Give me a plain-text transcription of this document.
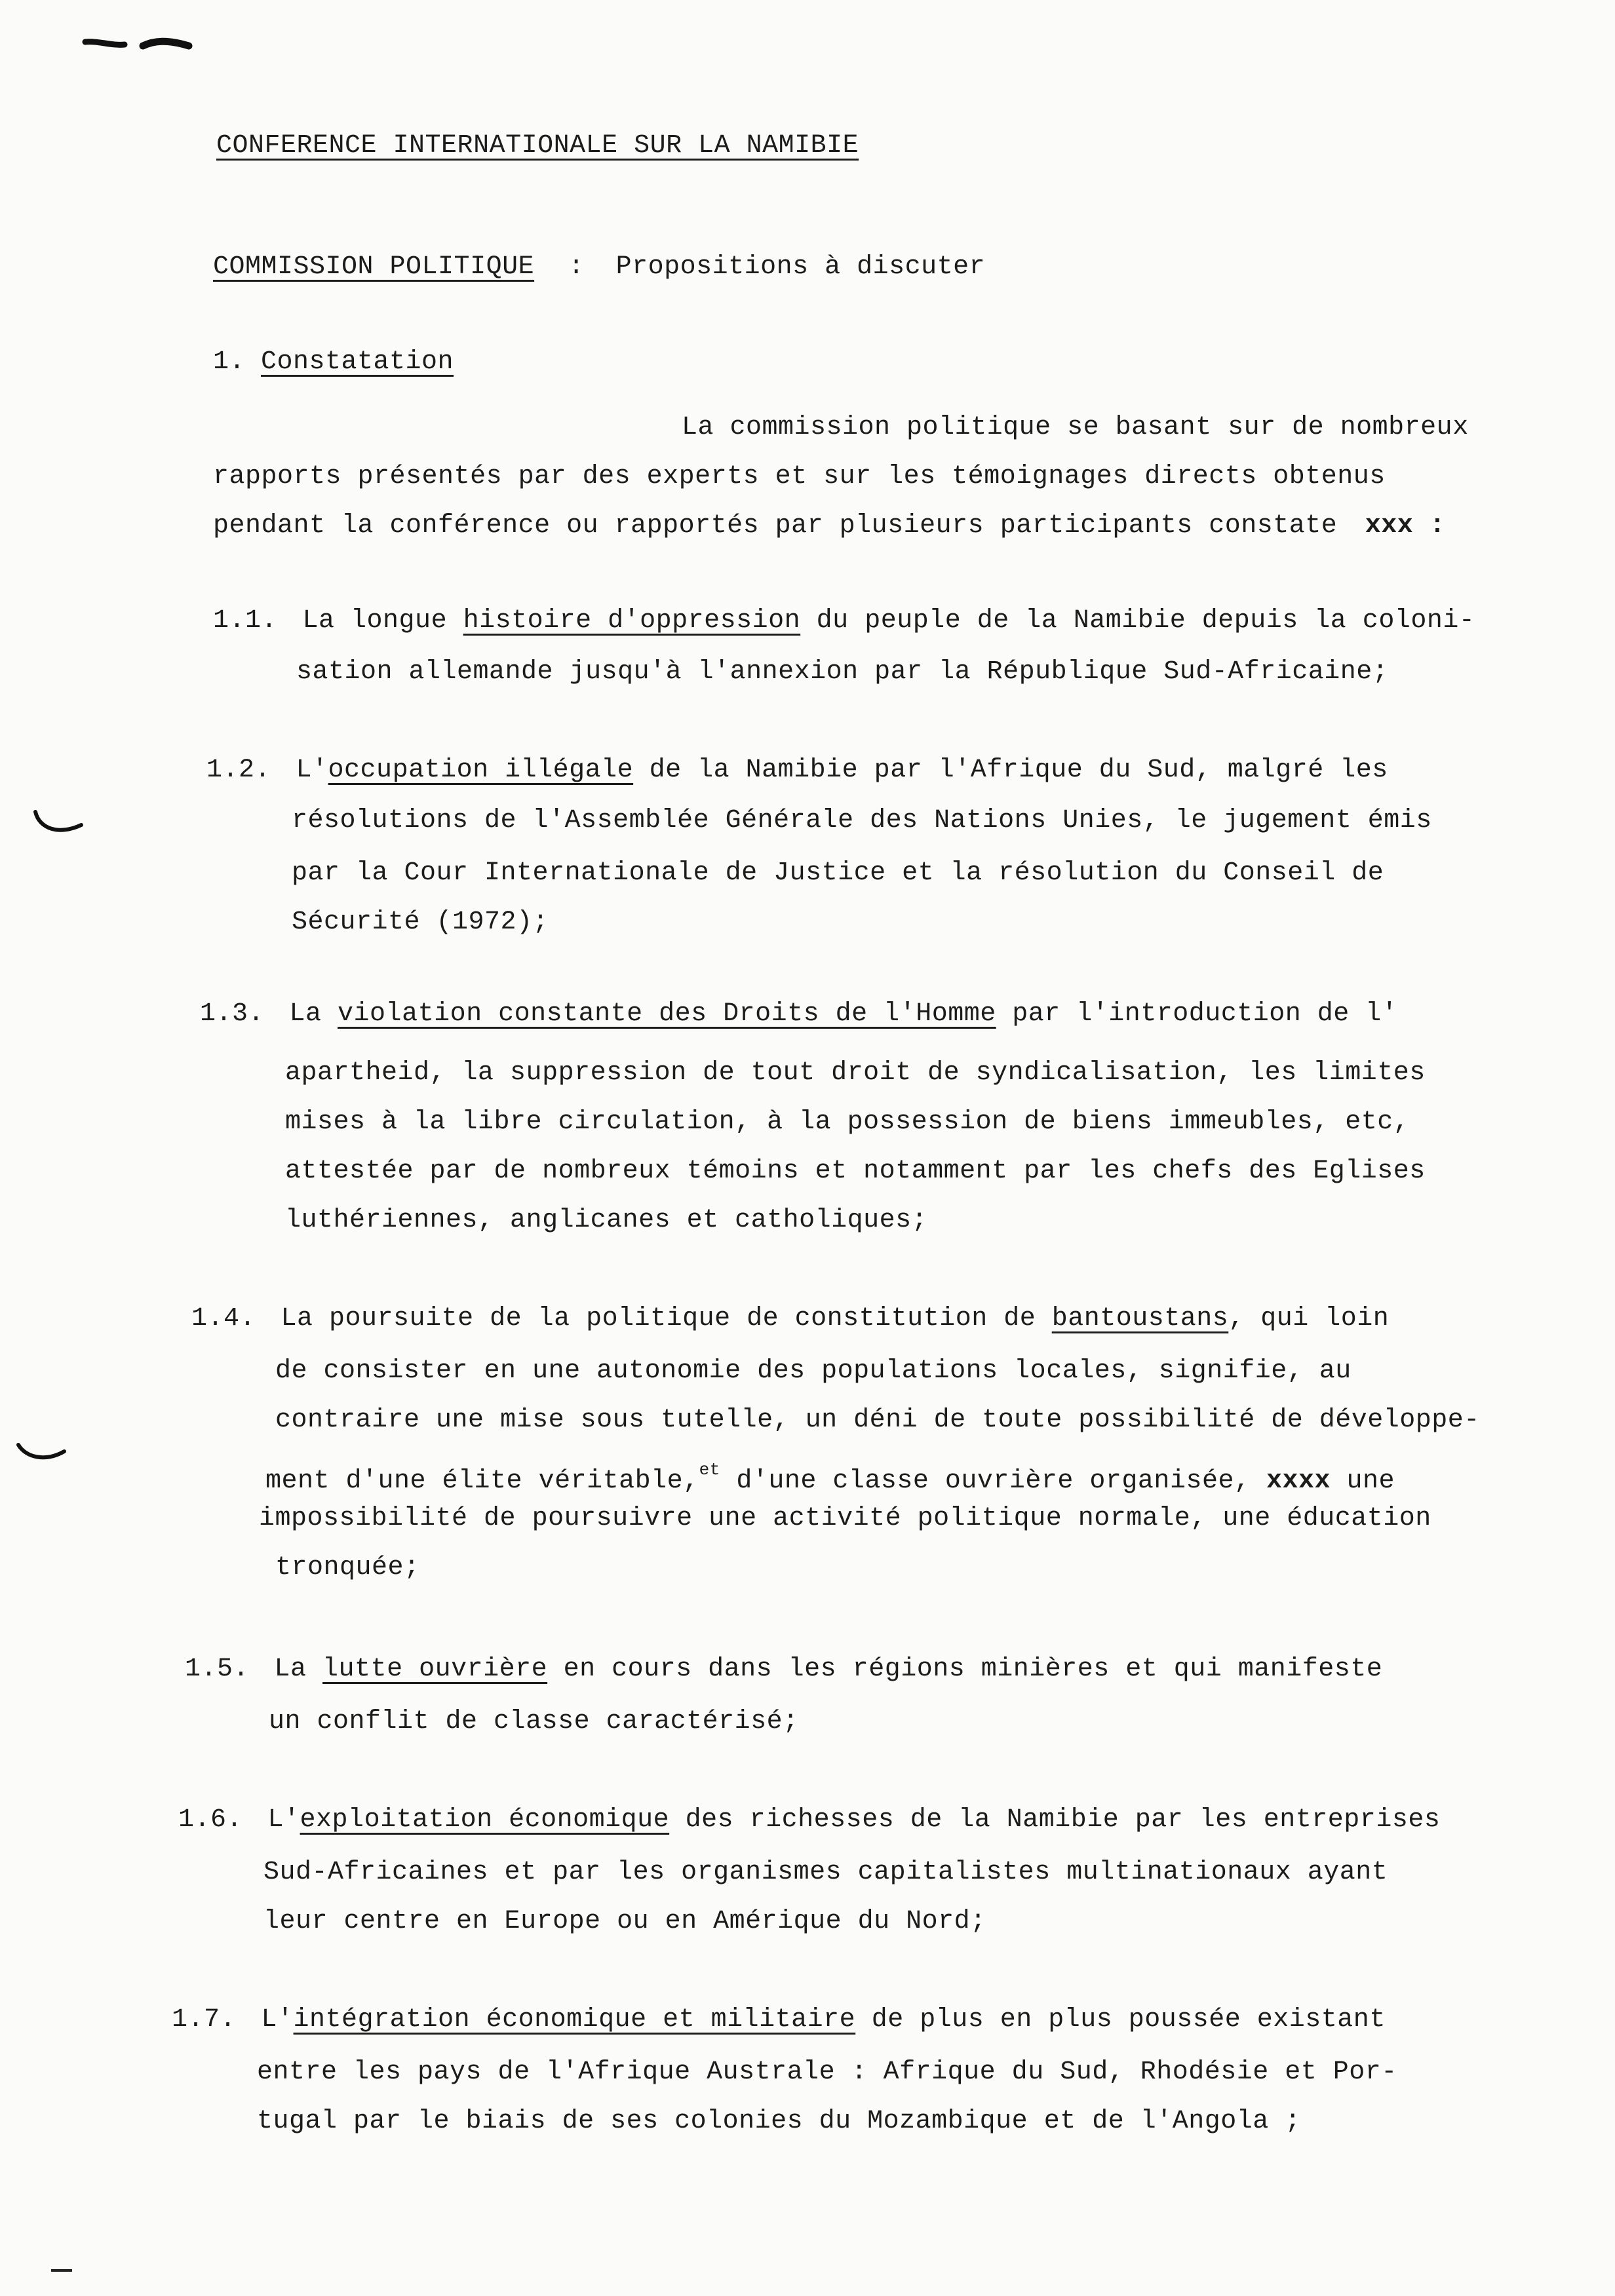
CONFERENCE INTERNATIONALE SUR LA NAMIBIE
COMMISSION POLITIQUE : Propositions à discuter
1. Constatation
La commission politique se basant sur de nombreux
rapports présentés par des experts et sur les témoignages directs obtenus
pendant la conférence ou rapportés par plusieurs participants constate xxx :
1.1. La longue histoire d'oppression du peuple de la Namibie depuis la coloni-
sation allemande jusqu'à l'annexion par la République Sud-Africaine;
1.2. L'occupation illégale de la Namibie par l'Afrique du Sud, malgré les
résolutions de l'Assemblée Générale des Nations Unies, le jugement émis
par la Cour Internationale de Justice et la résolution du Conseil de
Sécurité (1972);
1.3. La violation constante des Droits de l'Homme par l'introduction de l'
apartheid, la suppression de tout droit de syndicalisation, les limites
mises à la libre circulation, à la possession de biens immeubles, etc,
attestée par de nombreux témoins et notamment par les chefs des Eglises
luthériennes, anglicanes et catholiques;
1.4. La poursuite de la politique de constitution de bantoustans, qui loin
de consister en une autonomie des populations locales, signifie, au
contraire une mise sous tutelle, un déni de toute possibilité de développe-
ment d'une élite véritable,$^{et}$ d'une classe ouvrière organisée, xxxx une
impossibilité de poursuivre une activité politique normale, une éducation
tronquée;
1.5. La lutte ouvrière en cours dans les régions minières et qui manifeste
un conflit de classe caractérisé;
1.6. L'exploitation économique des richesses de la Namibie par les entreprises
Sud-Africaines et par les organismes capitalistes multinationaux ayant
leur centre en Europe ou en Amérique du Nord;
1.7. L'intégration économique et militaire de plus en plus poussée existant
entre les pays de l'Afrique Australe : Afrique du Sud, Rhodésie et Por-
tugal par le biais de ses colonies du Mozambique et de l'Angola ;
